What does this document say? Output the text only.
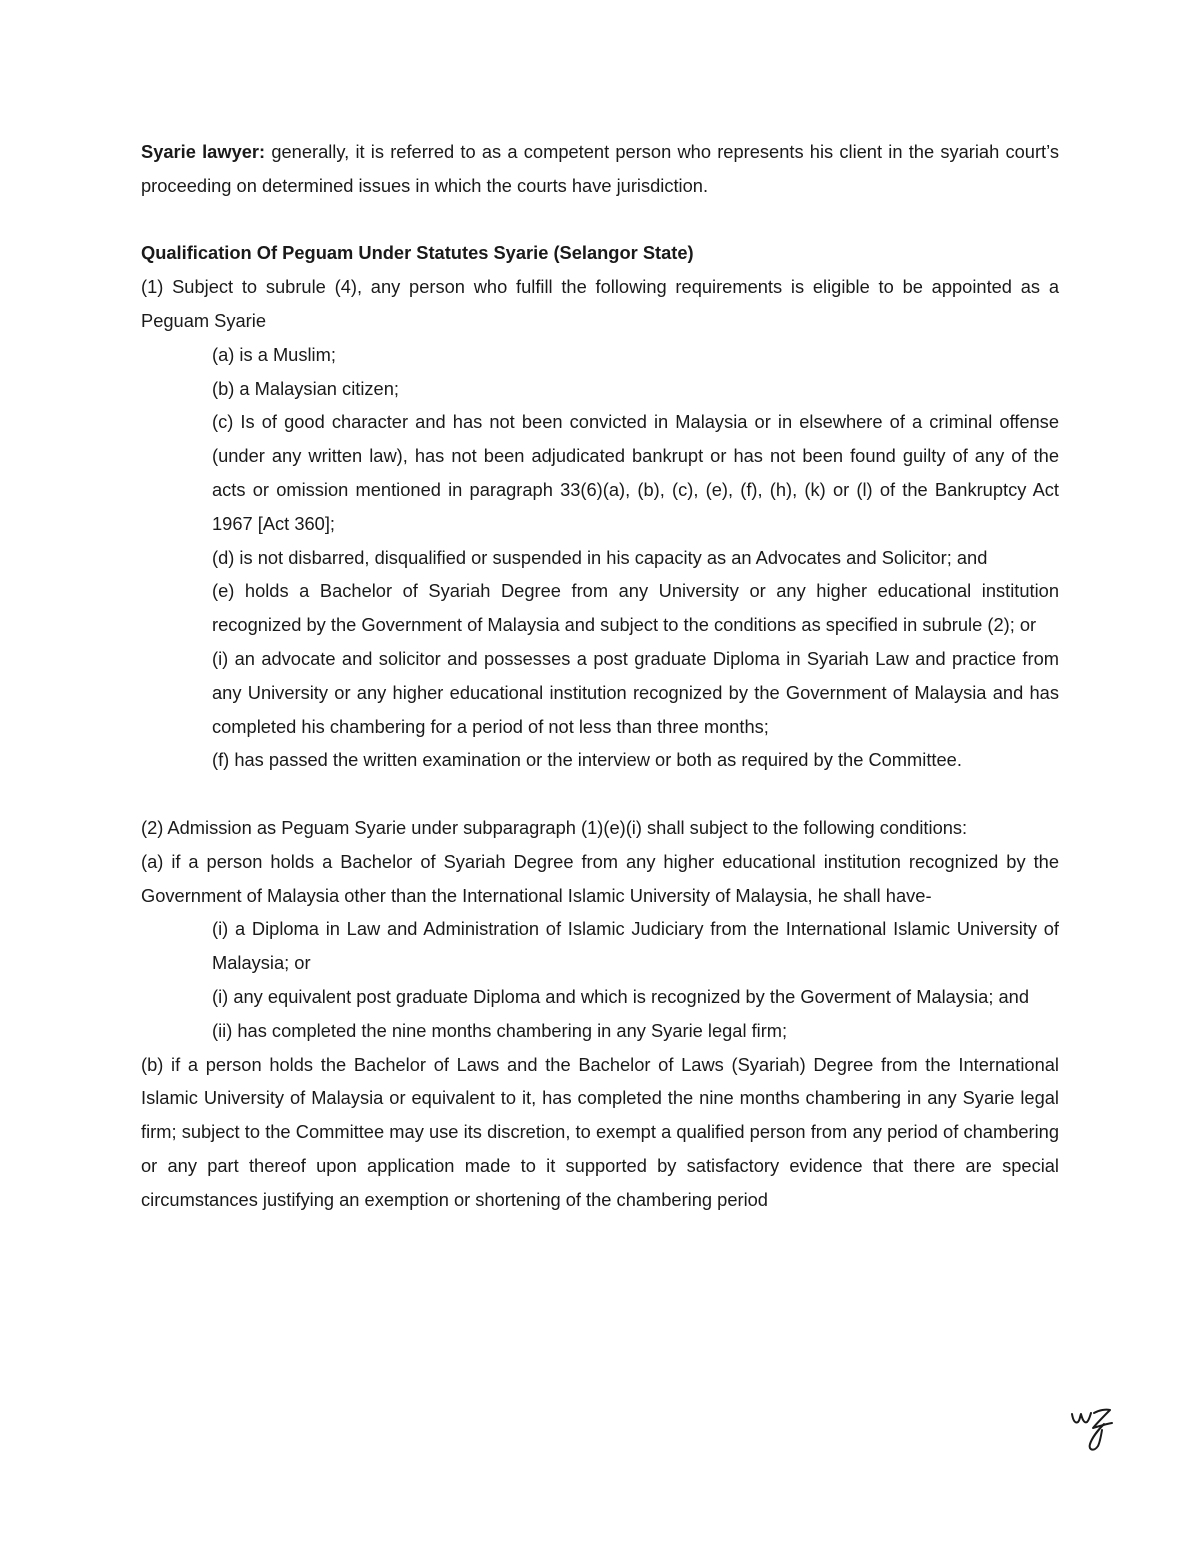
Syarie lawyer: generally, it is referred to as a competent person who represents his client in the syariah court’s proceeding on determined issues in which the courts have jurisdiction.

Qualification Of Peguam Under Statutes Syarie (Selangor State)

(1) Subject to subrule (4), any person who fulfill the following requirements is eligible to be appointed as a Peguam Syarie

(a) is a Muslim;

(b) a Malaysian citizen;

(c) Is of good character and has not been convicted in Malaysia or in elsewhere of a criminal offense (under any written law), has not been adjudicated bankrupt or has not been found guilty of any of the acts or omission mentioned in paragraph 33(6)(a), (b), (c), (e), (f), (h), (k) or (l) of the Bankruptcy Act 1967 [Act 360];

(d) is not disbarred, disqualified or suspended in his capacity as an Advocates and Solicitor; and

(e) holds a Bachelor of Syariah Degree from any University or any higher educational institution recognized by the Government of Malaysia and subject to the conditions as specified in subrule (2); or

(i) an advocate and solicitor and possesses a post graduate Diploma in Syariah Law and practice from any University or any higher educational institution recognized by the Government of Malaysia and has completed his chambering for a period of not less than three months;

(f) has passed the written examination or the interview or both as required by the Committee.

(2) Admission as Peguam Syarie under subparagraph (1)(e)(i) shall subject to the following conditions:

(a) if a person holds a Bachelor of Syariah Degree from any higher educational institution recognized by the Government of Malaysia other than the International Islamic University of Malaysia, he shall have-

(i) a Diploma in Law and Administration of Islamic Judiciary from the International Islamic University of Malaysia; or

(i) any equivalent post graduate Diploma and which is recognized by the Goverment of Malaysia; and

(ii) has completed the nine months chambering in any Syarie legal firm;

(b) if a person holds the Bachelor of Laws and the Bachelor of Laws (Syariah) Degree from the International Islamic University of Malaysia or equivalent to it, has completed the nine months chambering in any Syarie legal firm; subject to the Committee may use its discretion, to exempt a qualified person from any period of chambering or any part thereof upon application made to it supported by satisfactory evidence that there are special circumstances justifying an exemption or shortening of the chambering period
